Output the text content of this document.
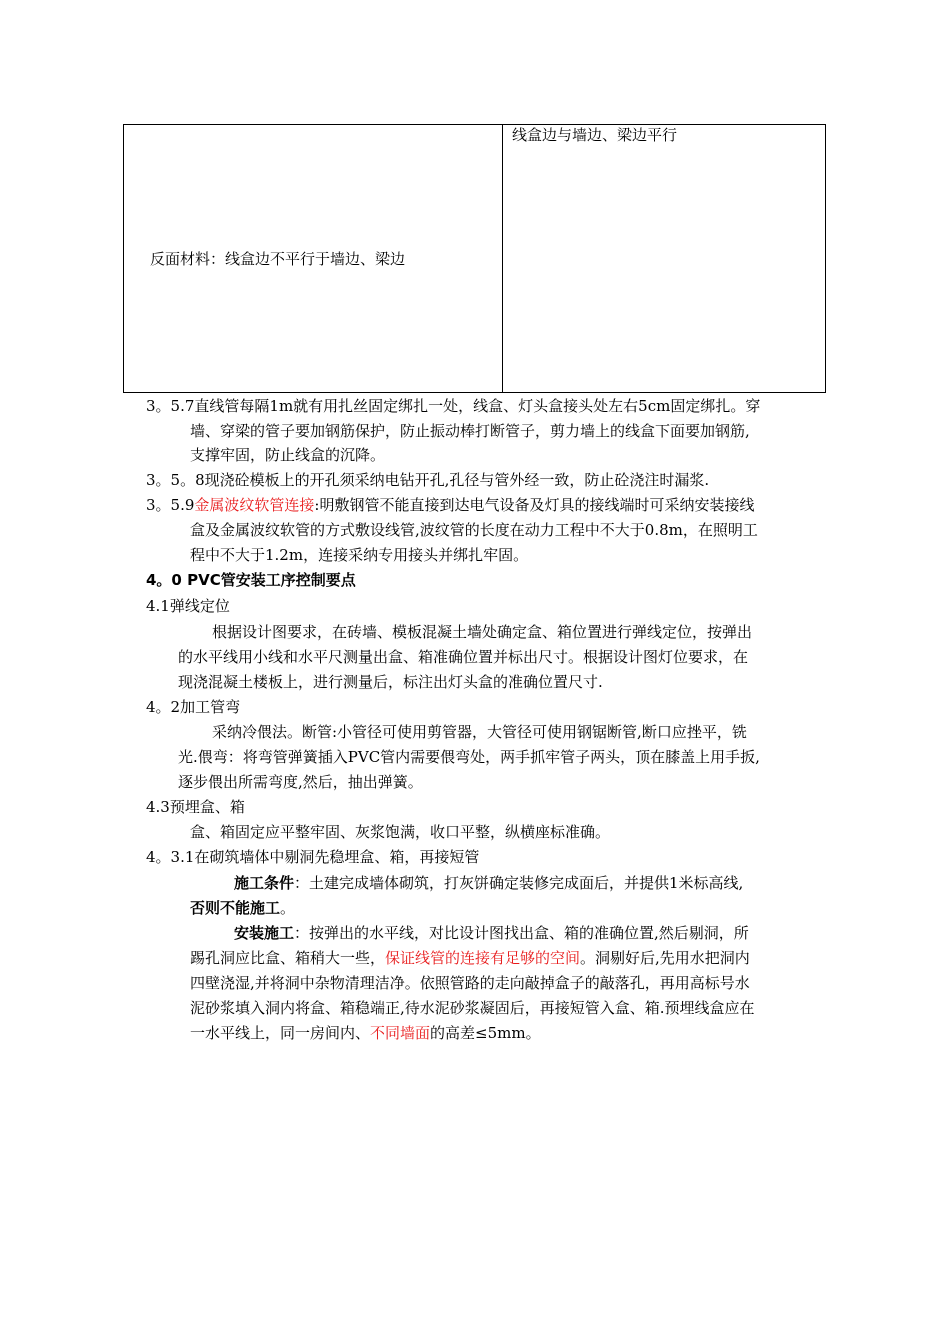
反面材料：线盒边不平行于墙边、梁边	线盒边与墙边、梁边平行
3。5.7直线管每隔1m就有用扎丝固定绑扎一处，线盒、灯头盒接头处左右5cm固定绑扎。穿
墙、穿梁的管子要加钢筋保护，防止振动棒打断管子，剪力墙上的线盒下面要加钢筋,
支撑牢固，防止线盒的沉降。
3。5。8现浇砼模板上的开孔须采纳电钻开孔,孔径与管外经一致，防止砼浇注时漏浆.
3。5.9金属波纹软管连接:明敷钢管不能直接到达电气设备及灯具的接线端时可采纳安装接线
盒及金属波纹软管的方式敷设线管,波纹管的长度在动力工程中不大于0.8m，在照明工
程中不大于1.2m，连接采纳专用接头并绑扎牢固。
4。0 PVC管安装工序控制要点
4.1弹线定位
根据设计图要求，在砖墙、模板混凝土墙处确定盒、箱位置进行弹线定位，按弹出
的水平线用小线和水平尺测量出盒、箱准确位置并标出尺寸。根据设计图灯位要求，在
现浇混凝土楼板上，进行测量后，标注出灯头盒的准确位置尺寸.
4。2加工管弯
采纳冷偎法。断管:小管径可使用剪管器，大管径可使用钢锯断管,断口应挫平，铣
光.偎弯：将弯管弹簧插入PVC管内需要偎弯处，两手抓牢管子两头，顶在膝盖上用手扳,
逐步偎出所需弯度,然后，抽出弹簧。
4.3预埋盒、箱
盒、箱固定应平整牢固、灰浆饱满，收口平整，纵横座标准确。
4。3.1在砌筑墙体中剔洞先稳埋盒、箱，再接短管
施工条件：土建完成墙体砌筑，打灰饼确定装修完成面后，并提供1米标高线,
否则不能施工。
安装施工：按弹出的水平线，对比设计图找出盒、箱的准确位置,然后剔洞，所
踢孔洞应比盒、箱稍大一些，保证线管的连接有足够的空间。洞剔好后,先用水把洞内
四壁浇湿,并将洞中杂物清理洁净。依照管路的走向敲掉盒子的敲落孔，再用高标号水
泥砂浆填入洞内将盒、箱稳端正,待水泥砂浆凝固后，再接短管入盒、箱.预埋线盒应在
一水平线上，同一房间内、不同墙面的高差≤5mm。
